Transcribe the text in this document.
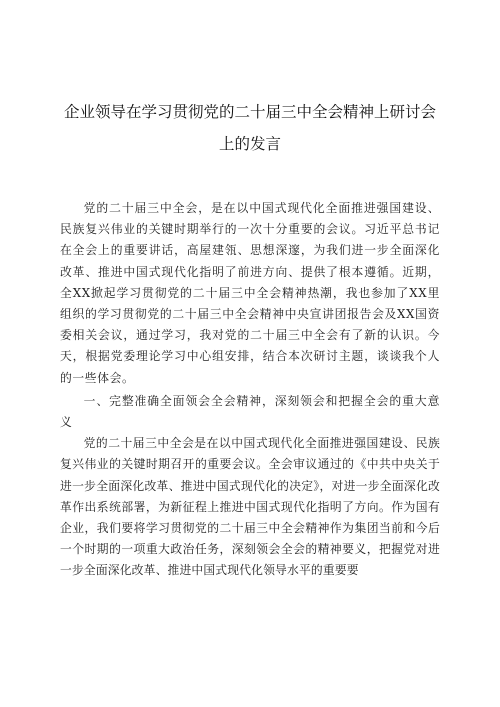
企业领导在学习贯彻党的二十届三中全会精神上研讨会
上的发言

党的二十届三中全会，是在以中国式现代化全面推进强国建设、民族复兴伟业的关键时期举行的一次十分重要的会议。习近平总书记在全会上的重要讲话，高屋建瓴、思想深邃，为我们进一步全面深化改革、推进中国式现代化指明了前进方向、提供了根本遵循。近期，全XX掀起学习贯彻党的二十届三中全会精神热潮，我也参加了XX里组织的学习贯彻党的二十届三中全会精神中央宣讲团报告会及XX国资委相关会议，通过学习，我对党的二十届三中全会有了新的认识。今天，根据党委理论学习中心组安排，结合本次研讨主题，谈谈我个人的一些体会。

一、完整准确全面领会全会精神，深刻领会和把握全会的重大意义

党的二十届三中全会是在以中国式现代化全面推进强国建设、民族复兴伟业的关键时期召开的重要会议。全会审议通过的《中共中央关于进一步全面深化改革、推进中国式现代化的决定》，对进一步全面深化改革作出系统部署，为新征程上推进中国式现代化指明了方向。作为国有企业，我们要将学习贯彻党的二十届三中全会精神作为集团当前和今后一个时期的一项重大政治任务，深刻领会全会的精神要义，把握党对进一步全面深化改革、推进中国式现代化领导水平的重要要
